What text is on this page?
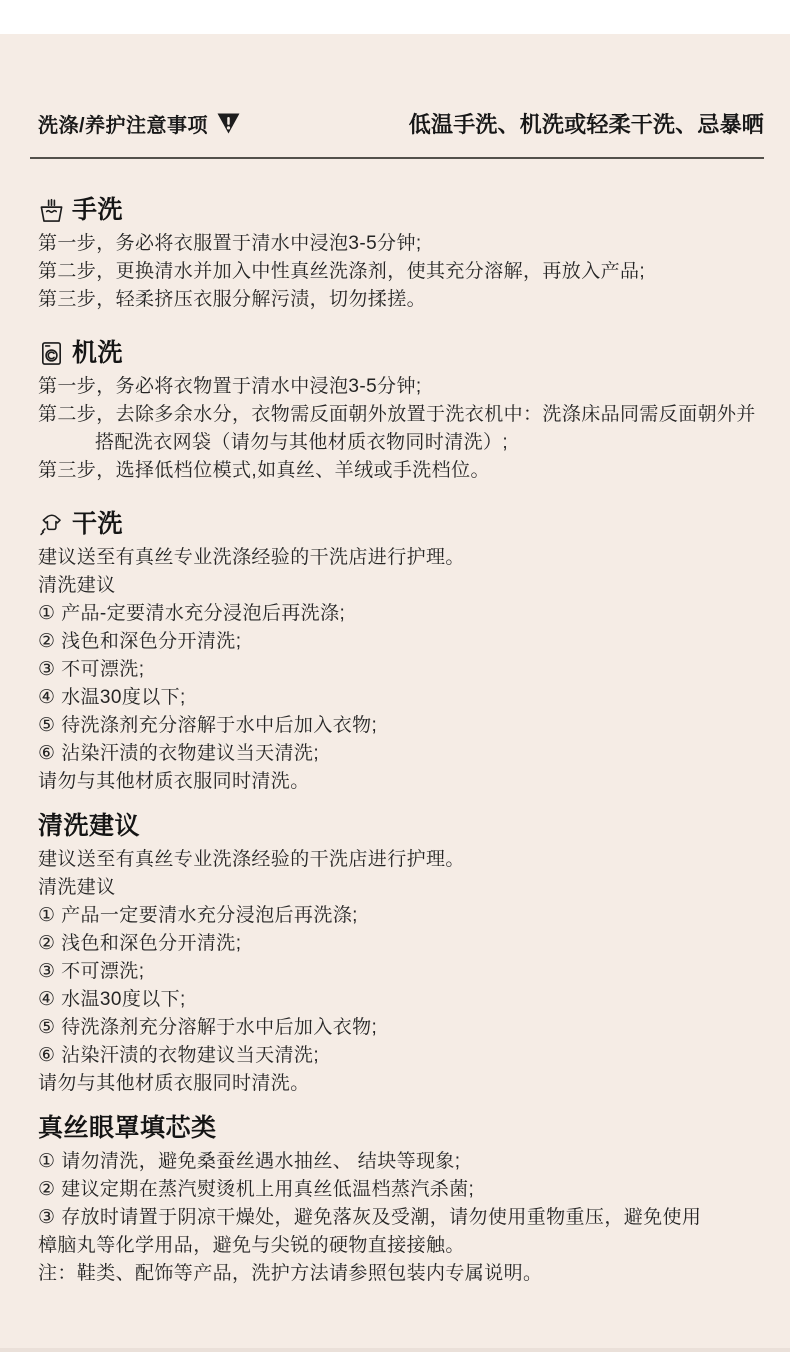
洗涤/养护注意事项	低温手洗、机洗或轻柔干洗、忌暴晒
手洗

第一步，务必将衣服置于清水中浸泡3-5分钟;

第二步，更换清水并加入中性真丝洗涤剂，使其充分溶解，再放入产品;

第三步，轻柔挤压衣服分解污渍，切勿揉搓。

机洗

第一步，务必将衣物置于清水中浸泡3-5分钟;

第二步，去除多余水分，衣物需反面朝外放置于洗衣机中：洗涤床品同需反面朝外并

搭配洗衣网袋（请勿与其他材质衣物同时清洗）;

第三步，选择低档位模式,如真丝、羊绒或手洗档位。

干洗

建议送至有真丝专业洗涤经验的干洗店进行护理。

清洗建议

① 产品-定要清水充分浸泡后再洗涤;

② 浅色和深色分开清洗;

③ 不可漂洗;

④ 水温30度以下;

⑤ 待洗涤剂充分溶解于水中后加入衣物;

⑥ 沾染汗渍的衣物建议当天清洗;

请勿与其他材质衣服同时清洗。

清洗建议

建议送至有真丝专业洗涤经验的干洗店进行护理。

清洗建议

① 产品一定要清水充分浸泡后再洗涤;

② 浅色和深色分开清洗;

③ 不可漂洗;

④ 水温30度以下;

⑤ 待洗涤剂充分溶解于水中后加入衣物;

⑥ 沾染汗渍的衣物建议当天清洗;

请勿与其他材质衣服同时清洗。

真丝眼罩填芯类

① 请勿清洗，避免桑蚕丝遇水抽丝、 结块等现象;

② 建议定期在蒸汽熨烫机上用真丝低温档蒸汽杀菌;

③ 存放时请置于阴凉干燥处，避免落灰及受潮，请勿使用重物重压，避免使用

樟脑丸等化学用品，避免与尖锐的硬物直接接触。

注：鞋类、配饰等产品，洗护方法请参照包装内专属说明。
